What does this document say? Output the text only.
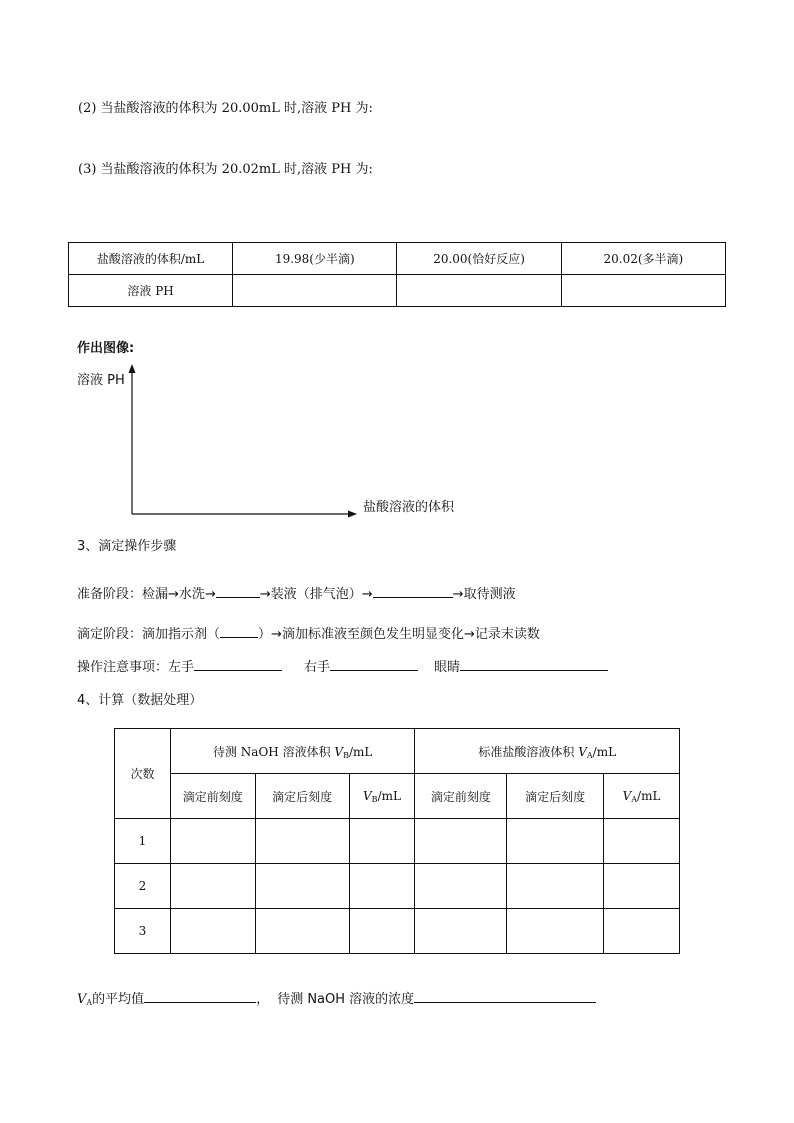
(2) 当盐酸溶液的体积为 20.00mL 时,溶液 PH 为:
(3) 当盐酸溶液的体积为 20.02mL 时,溶液 PH 为:
盐酸溶液的体积/mL	19.98(少半滴)	20.00(恰好反应)	20.02(多半滴)
溶液 PH			
作出图像:
溶液 PH
盐酸溶液的体积
3、滴定操作步骤
准备阶段：检漏→水洗→	→装液（排气泡）→	→取待测液
滴定阶段：滴加指示剂（	）→滴加标准液至颜色发生明显变化→记录末读数
操作注意事项：左手	右手	眼睛
4、计算（数据处理）
次数	待测 NaOH 溶液体积 $V_B/mL$			标准盐酸溶液体积 $V_A/mL$		
	滴定前刻度	滴定后刻度	$V_B/mL$	滴定前刻度	滴定后刻度	$V_A/mL$
1						
2						
3						
$V_A$的平均值	， 待测 NaOH 溶液的浓度
